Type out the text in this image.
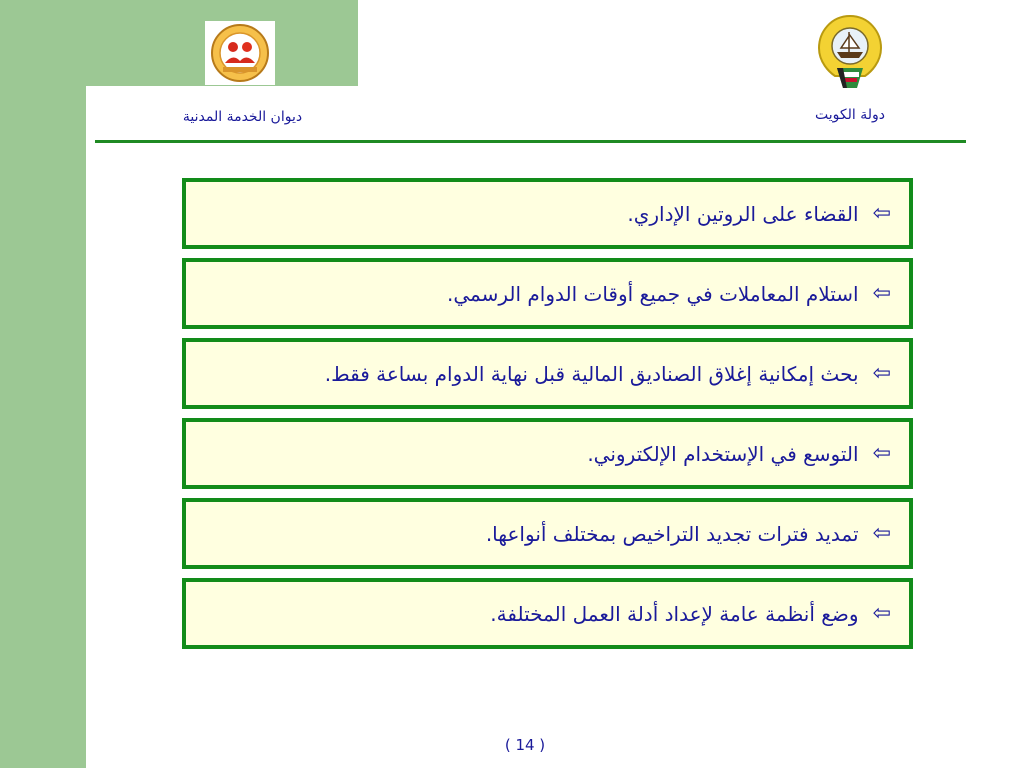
ديوان الخدمة المدنية	دولة الكويت
⇦
القضاء على الروتين الإداري.
⇦
استلام المعاملات في جميع أوقات الدوام الرسمي.
⇦
بحث إمكانية إغلاق الصناديق المالية قبل نهاية الدوام بساعة فقط.
⇦
التوسع في الإستخدام الإلكتروني.
⇦
تمديد فترات تجديد التراخيص بمختلف أنواعها.
⇦
وضع أنظمة عامة لإعداد أدلة العمل المختلفة.
( 14 )
